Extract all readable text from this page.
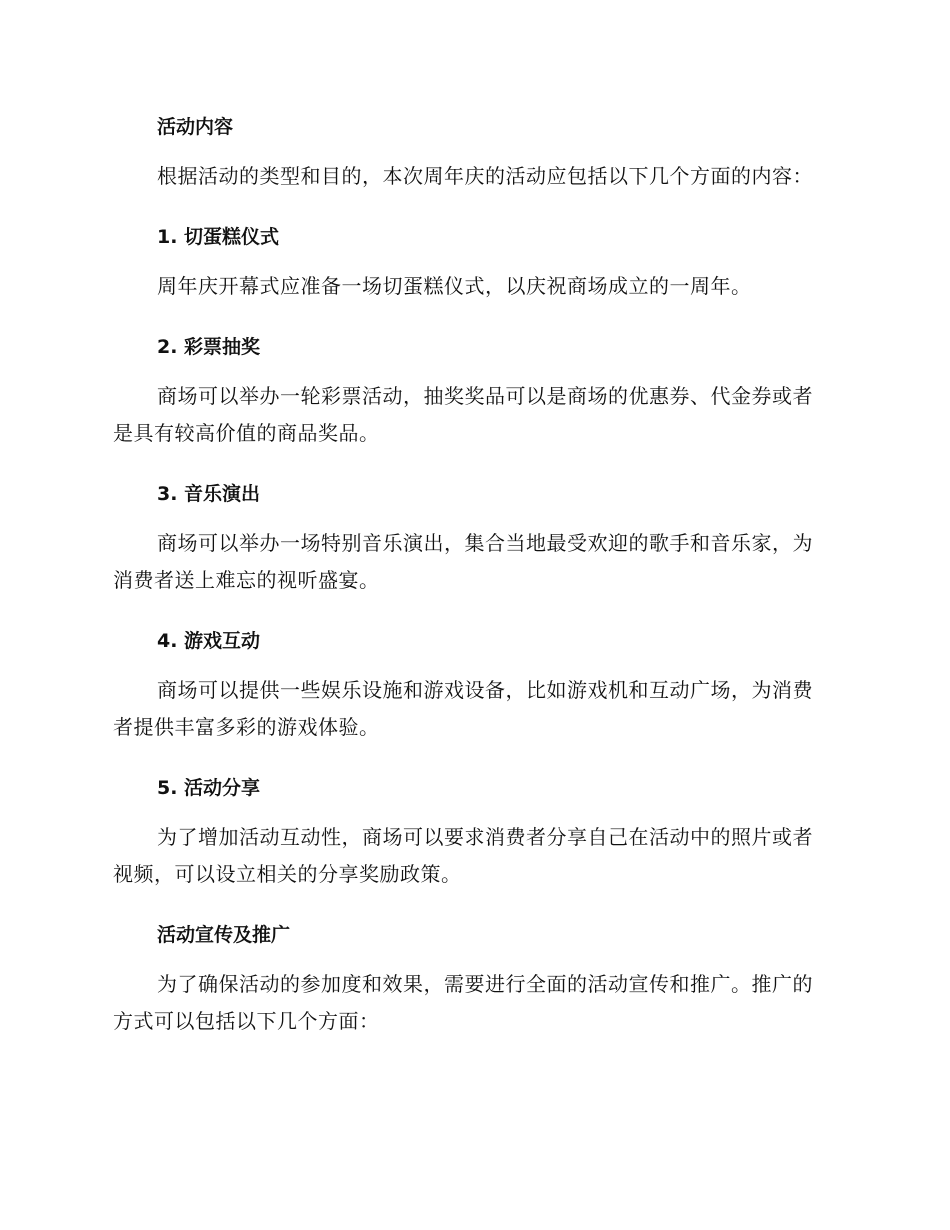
活动内容
根据活动的类型和目的，本次周年庆的活动应包括以下几个方面的内容：
1. 切蛋糕仪式
周年庆开幕式应准备一场切蛋糕仪式，以庆祝商场成立的一周年。
2. 彩票抽奖
商场可以举办一轮彩票活动，抽奖奖品可以是商场的优惠券、代金券或者是具有较高价值的商品奖品。
3. 音乐演出
商场可以举办一场特别音乐演出，集合当地最受欢迎的歌手和音乐家，为消费者送上难忘的视听盛宴。
4. 游戏互动
商场可以提供一些娱乐设施和游戏设备，比如游戏机和互动广场，为消费者提供丰富多彩的游戏体验。
5. 活动分享
为了增加活动互动性，商场可以要求消费者分享自己在活动中的照片或者视频，可以设立相关的分享奖励政策。
活动宣传及推广
为了确保活动的参加度和效果，需要进行全面的活动宣传和推广。推广的方式可以包括以下几个方面：
